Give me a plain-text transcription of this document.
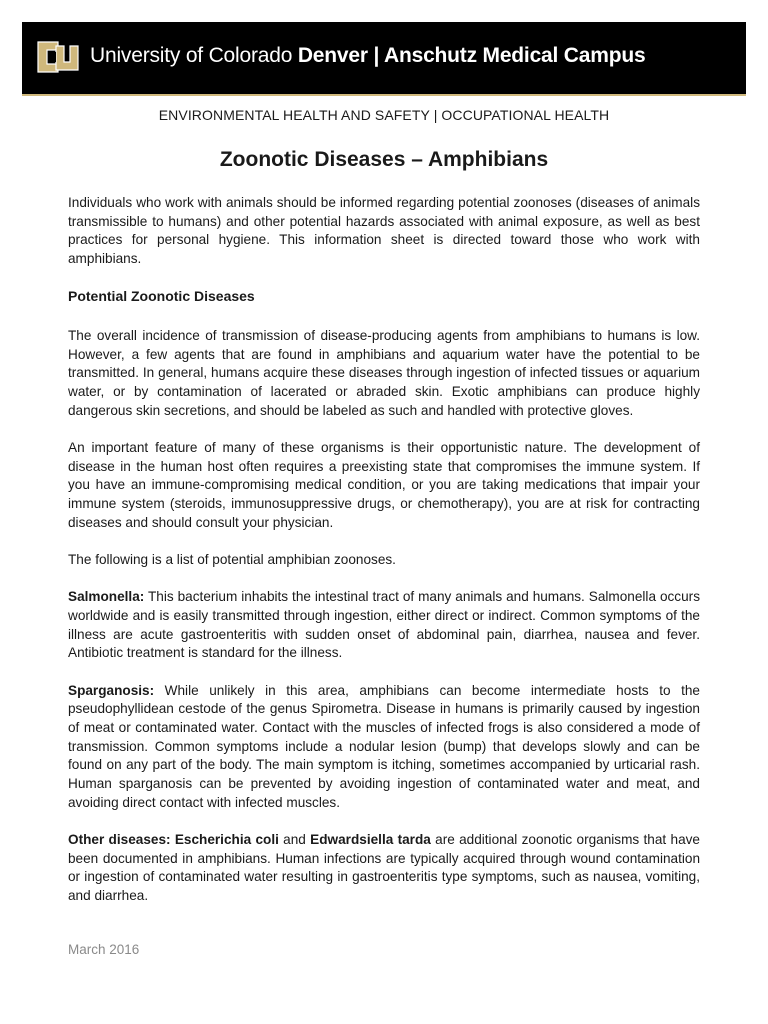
University of Colorado Denver | Anschutz Medical Campus
ENVIRONMENTAL HEALTH AND SAFETY | OCCUPATIONAL HEALTH
Zoonotic Diseases – Amphibians

Individuals who work with animals should be informed regarding potential zoonoses (diseases of animals transmissible to humans) and other potential hazards associated with animal exposure, as well as best practices for personal hygiene. This information sheet is directed toward those who work with amphibians.

Potential Zoonotic Diseases

The overall incidence of transmission of disease-producing agents from amphibians to humans is low. However, a few agents that are found in amphibians and aquarium water have the potential to be transmitted. In general, humans acquire these diseases through ingestion of infected tissues or aquarium water, or by contamination of lacerated or abraded skin. Exotic amphibians can produce highly dangerous skin secretions, and should be labeled as such and handled with protective gloves.

An important feature of many of these organisms is their opportunistic nature. The development of disease in the human host often requires a preexisting state that compromises the immune system. If you have an immune-compromising medical condition, or you are taking medications that impair your immune system (steroids, immunosuppressive drugs, or chemotherapy), you are at risk for contracting diseases and should consult your physician.

The following is a list of potential amphibian zoonoses.

Salmonella: This bacterium inhabits the intestinal tract of many animals and humans. Salmonella occurs worldwide and is easily transmitted through ingestion, either direct or indirect. Common symptoms of the illness are acute gastroenteritis with sudden onset of abdominal pain, diarrhea, nausea and fever. Antibiotic treatment is standard for the illness.

Sparganosis: While unlikely in this area, amphibians can become intermediate hosts to the pseudophyllidean cestode of the genus Spirometra. Disease in humans is primarily caused by ingestion of meat or contaminated water. Contact with the muscles of infected frogs is also considered a mode of transmission. Common symptoms include a nodular lesion (bump) that develops slowly and can be found on any part of the body. The main symptom is itching, sometimes accompanied by urticarial rash. Human sparganosis can be prevented by avoiding ingestion of contaminated water and meat, and avoiding direct contact with infected muscles.

Other diseases: Escherichia coli and Edwardsiella tarda are additional zoonotic organisms that have been documented in amphibians. Human infections are typically acquired through wound contamination or ingestion of contaminated water resulting in gastroenteritis type symptoms, such as nausea, vomiting, and diarrhea.

March 2016
